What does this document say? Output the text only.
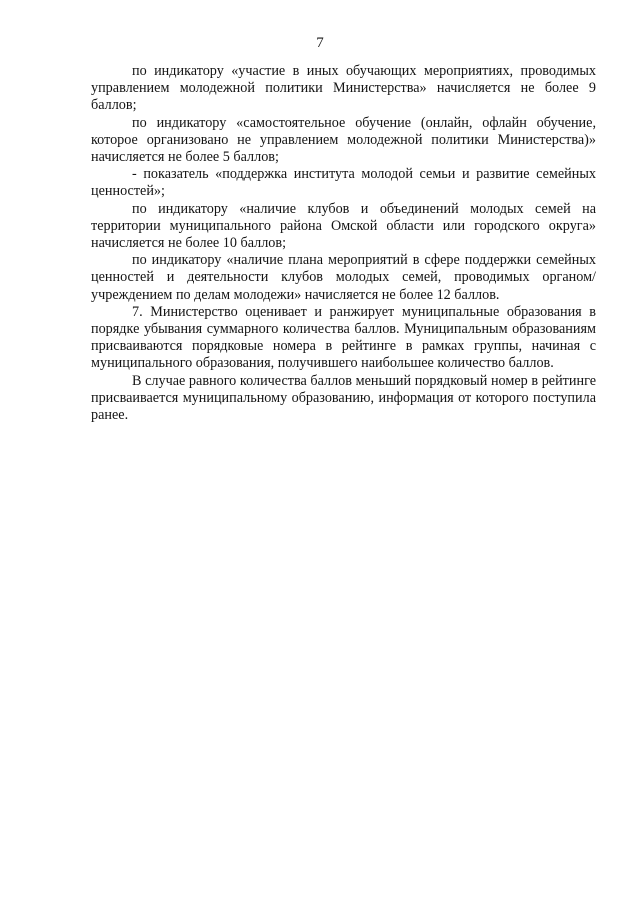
7

по индикатору «участие в иных обучающих мероприятиях, проводимых управлением молодежной политики Министерства» начисляется не более 9 баллов;

по индикатору «самостоятельное обучение (онлайн, офлайн обучение, которое организовано не управлением молодежной политики Министерства)» начисляется не более 5 баллов;

- показатель «поддержка института молодой семьи и развитие семейных ценностей»;

по индикатору «наличие клубов и объединений молодых семей на территории муниципального района Омской области или городского округа» начисляется не более 10 баллов;

по индикатору «наличие плана мероприятий в сфере поддержки семейных ценностей и деятельности клубов молодых семей, проводимых органом/учреждением по делам молодежи» начисляется не более 12 баллов.

7. Министерство оценивает и ранжирует муниципальные образования в порядке убывания суммарного количества баллов. Муниципальным образованиям присваиваются порядковые номера в рейтинге в рамках группы, начиная с муниципального образования, получившего наибольшее количество баллов.

В случае равного количества баллов меньший порядковый номер в рейтинге присваивается муниципальному образованию, информация от которого поступила ранее.
